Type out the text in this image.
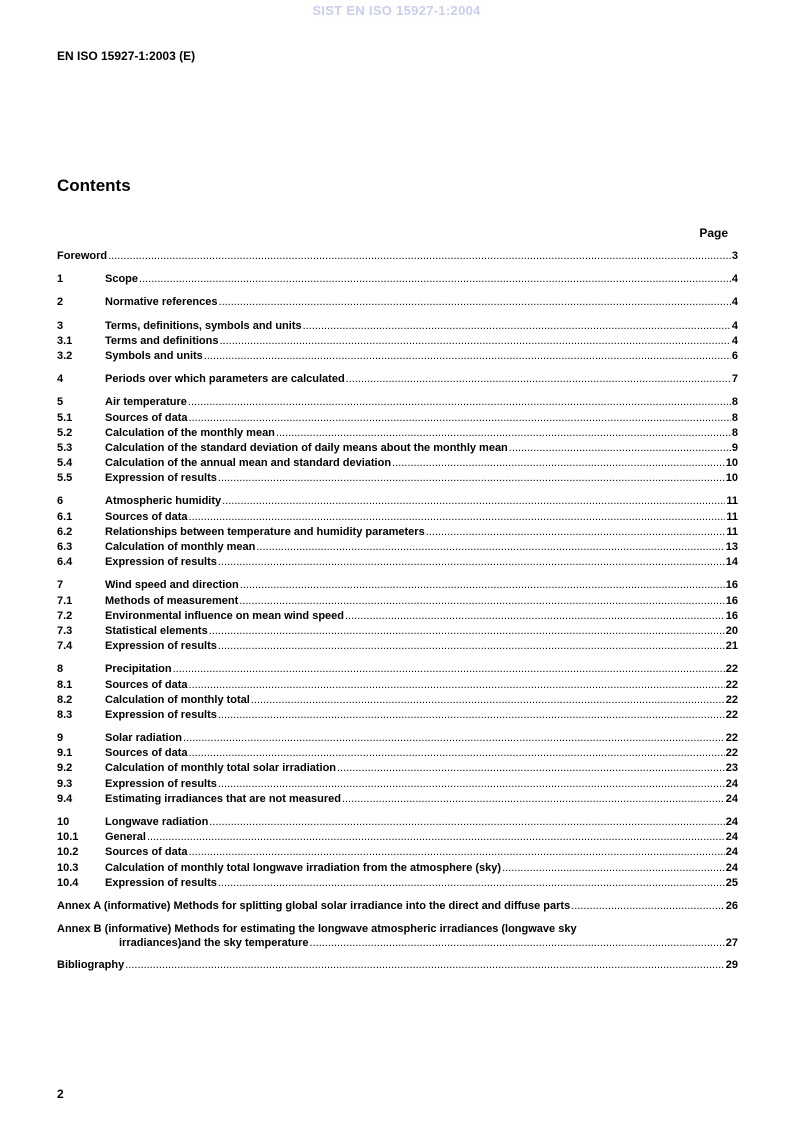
SIST EN ISO 15927-1:2004
EN ISO 15927-1:2003 (E)
Contents
Page
Foreword .....	3
1	Scope .....	4
2	Normative references .....	4
3	Terms, definitions, symbols and units .....	4
3.1	Terms and definitions .....	4
3.2	Symbols and units .....	6
4	Periods over which parameters are calculated .....	7
5	Air temperature .....	8
5.1	Sources of data .....	8
5.2	Calculation of the monthly mean .....	8
5.3	Calculation of the standard deviation of daily means about the monthly mean .....	9
5.4	Calculation of the annual mean and standard deviation .....	10
5.5	Expression of results .....	10
6	Atmospheric humidity .....	11
6.1	Sources of data .....	11
6.2	Relationships between temperature and humidity parameters .....	11
6.3	Calculation of monthly mean .....	13
6.4	Expression of results .....	14
7	Wind speed and direction .....	16
7.1	Methods of measurement .....	16
7.2	Environmental influence on mean wind speed .....	16
7.3	Statistical elements .....	20
7.4	Expression of results .....	21
8	Precipitation .....	22
8.1	Sources of data .....	22
8.2	Calculation of monthly total .....	22
8.3	Expression of results .....	22
9	Solar radiation .....	22
9.1	Sources of data .....	22
9.2	Calculation of monthly total solar irradiation .....	23
9.3	Expression of results .....	24
9.4	Estimating irradiances that are not measured .....	24
10	Longwave radiation .....	24
10.1	General .....	24
10.2	Sources of data .....	24
10.3	Calculation of monthly total longwave irradiation from the atmosphere (sky) .....	24
10.4	Expression of results .....	25
Annex A (informative) Methods for splitting global solar irradiance into the direct and diffuse parts .....	26
Annex B (informative) Methods for estimating the longwave atmospheric irradiances (longwave sky
irradiances)and the sky temperature .....	27
Bibliography .....	29
2
